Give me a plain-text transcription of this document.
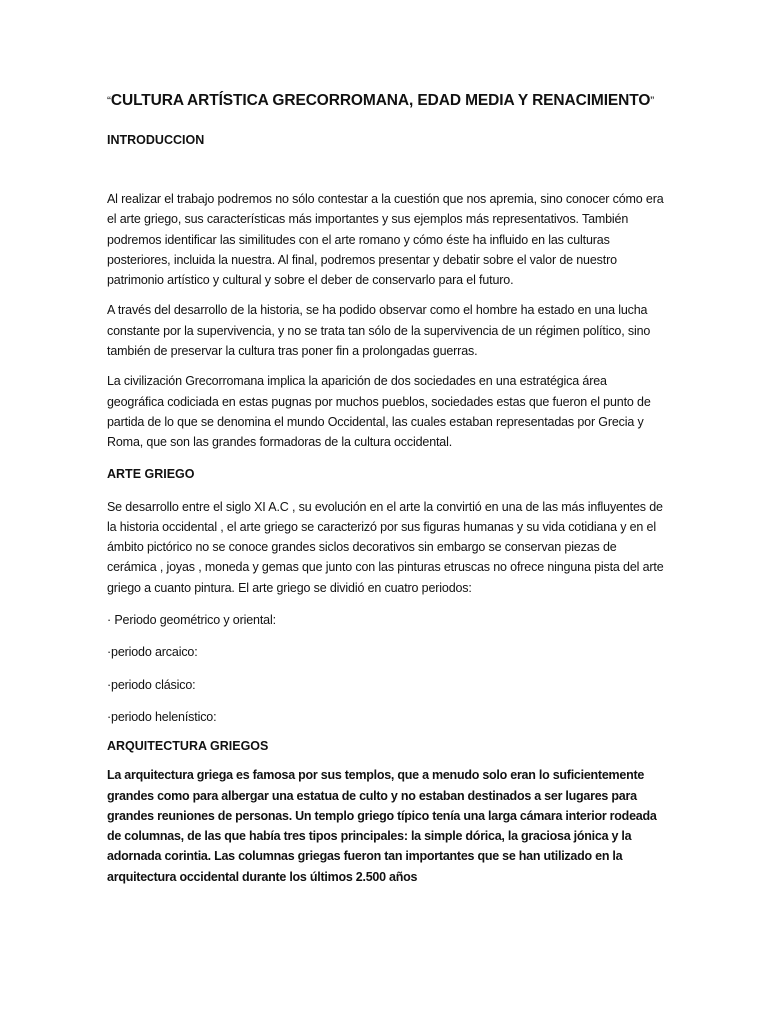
“CULTURA ARTÍSTICA GRECORROMANA, EDAD MEDIA Y RENACIMIENTO”
INTRODUCCION

Al realizar el trabajo podremos no sólo contestar a la cuestión que nos apremia, sino conocer cómo era el arte griego, sus características más importantes y sus ejemplos más representativos. También podremos identificar las similitudes con el arte romano y cómo éste ha influido en las culturas posteriores, incluida la nuestra. Al final, podremos presentar y debatir sobre el valor de nuestro patrimonio artístico y cultural y sobre el deber de conservarlo para el futuro.

A través del desarrollo de la historia, se ha podido observar como el hombre ha estado en una lucha constante por la supervivencia, y no se trata tan sólo de la supervivencia de un régimen político, sino también de preservar la cultura tras poner fin a prolongadas guerras.

La civilización Grecorromana implica la aparición de dos sociedades en una estratégica área geográfica codiciada en estas pugnas por muchos pueblos, sociedades estas que fueron el punto de partida de lo que se denomina el mundo Occidental, las cuales estaban representadas por Grecia y Roma, que son las grandes formadoras de la cultura occidental.

ARTE GRIEGO

Se desarrollo entre el siglo XI A.C , su evolución en el arte la convirtió en una de las más influyentes de la historia occidental , el arte griego se caracterizó por sus figuras humanas y su vida cotidiana y en el ámbito pictórico no se conoce grandes siclos decorativos sin embargo se conservan piezas de cerámica , joyas , moneda y gemas que junto con las pinturas etruscas no ofrece ninguna pista del arte griego a cuanto pintura. El arte griego se dividió en cuatro periodos:

· Periodo geométrico y oriental:

·periodo arcaico:

·periodo clásico:

·periodo helenístico:

ARQUITECTURA GRIEGOS

La arquitectura griega es famosa por sus templos, que a menudo solo eran lo suficientemente grandes como para albergar una estatua de culto y no estaban destinados a ser lugares para grandes reuniones de personas. Un templo griego típico tenía una larga cámara interior rodeada de columnas, de las que había tres tipos principales: la simple dórica, la graciosa jónica y la adornada corintia. Las columnas griegas fueron tan importantes que se han utilizado en la arquitectura occidental durante los últimos 2.500 años
